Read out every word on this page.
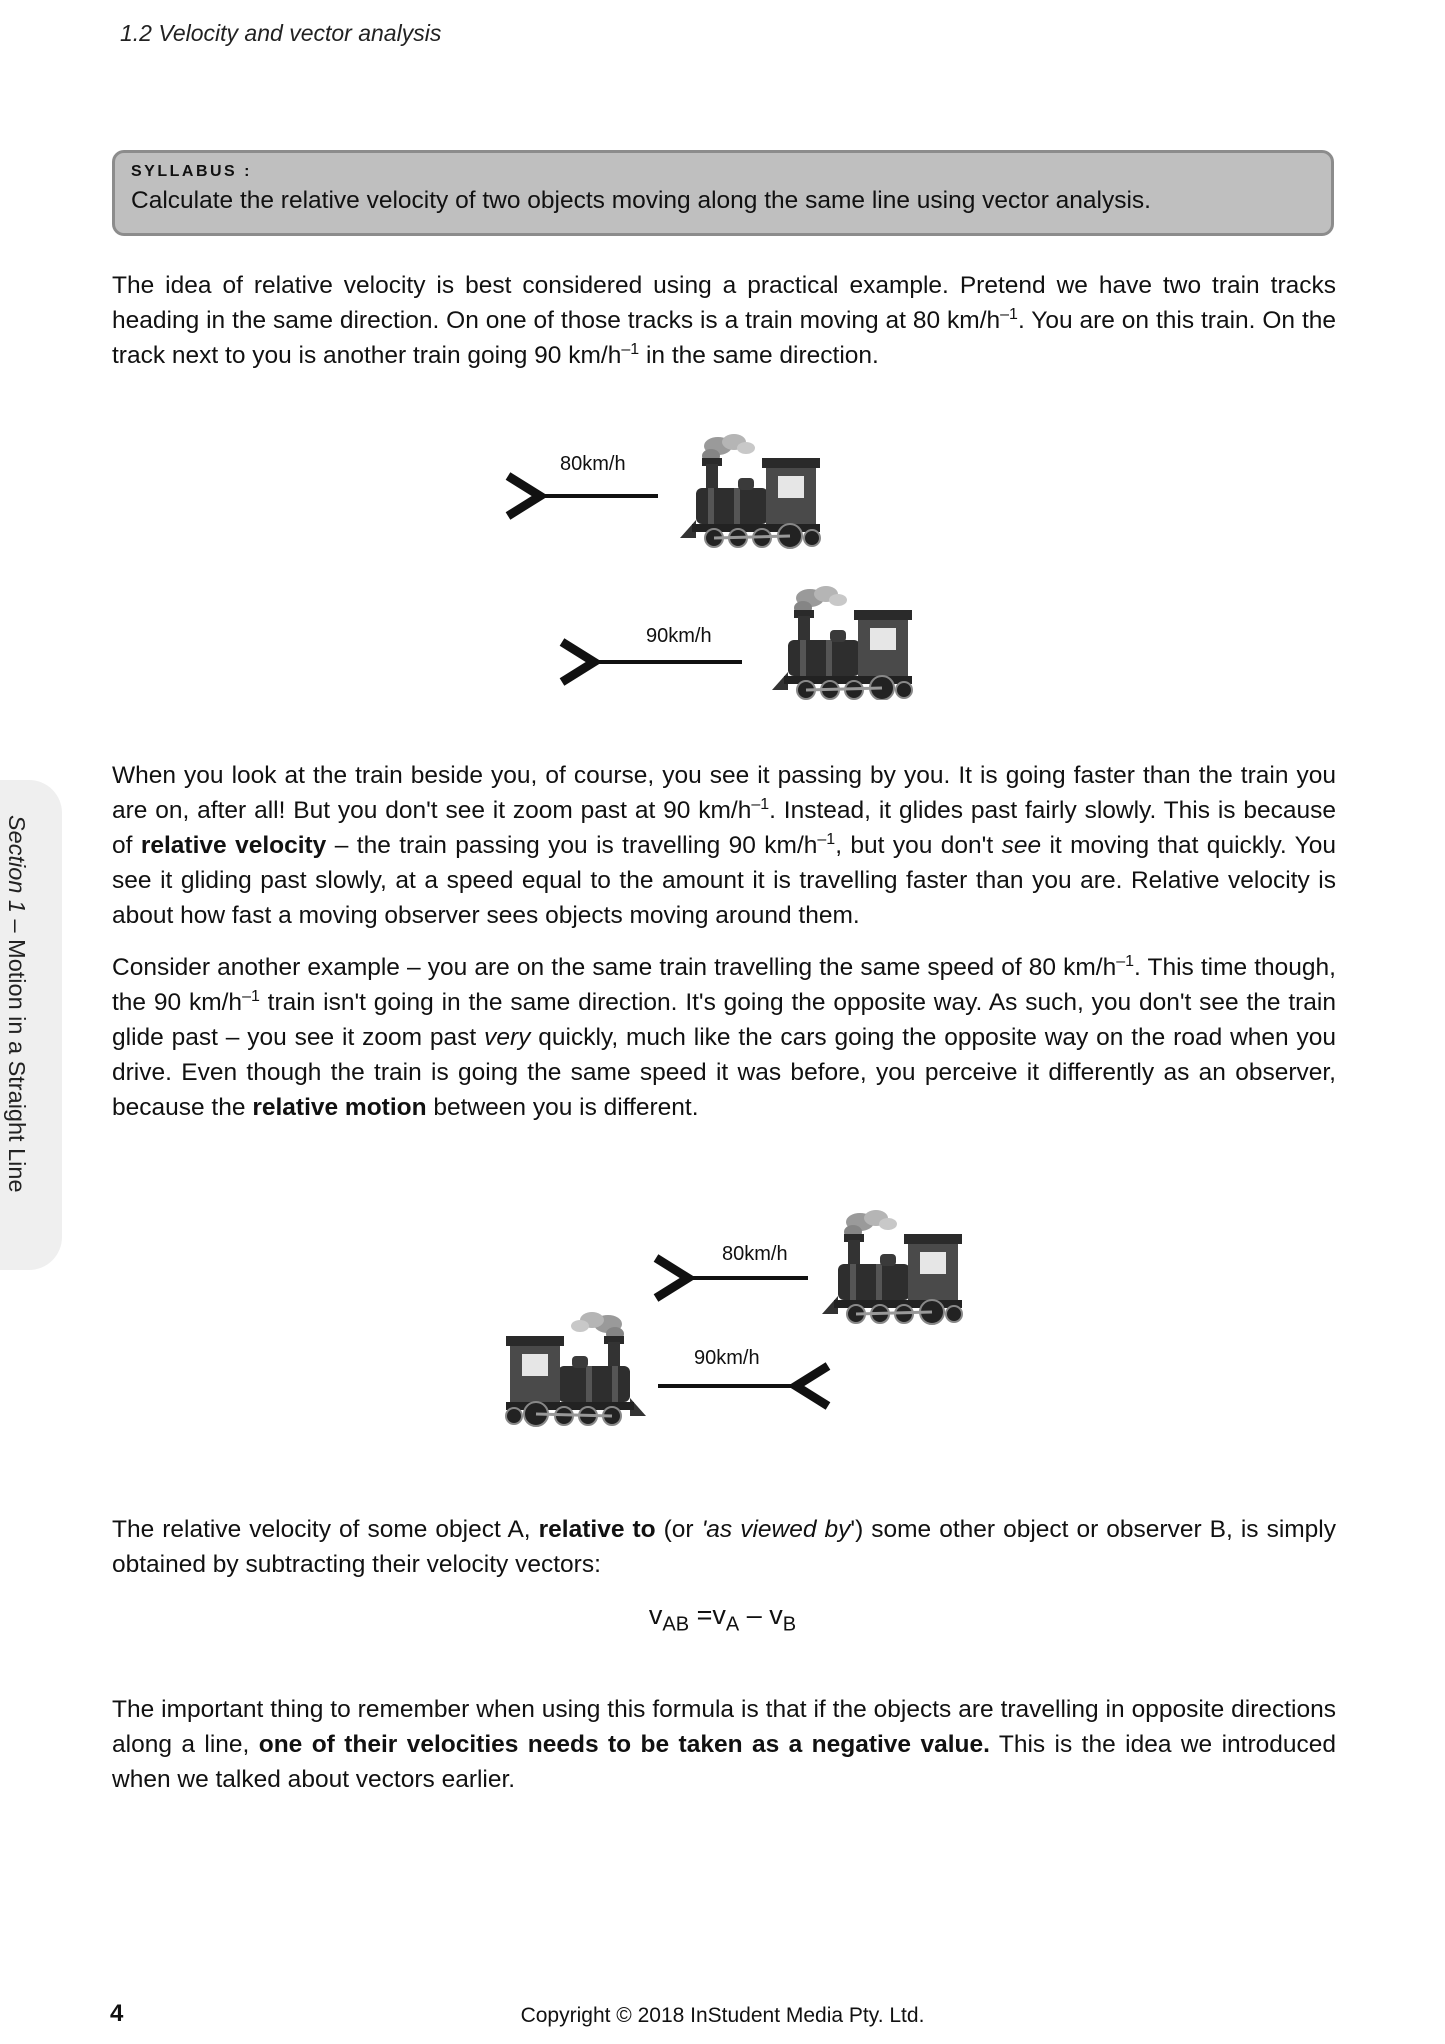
1.2 Velocity and vector analysis
SYLLABUS :
Calculate the relative velocity of two objects moving along the same line using vector analysis.

The idea of relative velocity is best considered using a practical example. Pretend we have two train tracks heading in the same direction. On one of those tracks is a train moving at 80 $km/h^{-1}$. You are on this train. On the track next to you is another train going 90 $km/h^{-1}$ in the same direction.

80km/h
90km/h

When you look at the train beside you, of course, you see it passing by you. It is going faster than the train you are on, after all! But you don't see it zoom past at 90 $km/h^{-1}$. Instead, it glides past fairly slowly. This is because of relative velocity – the train passing you is travelling 90 $km/h^{-1}$, but you don't see it moving that quickly. You see it gliding past slowly, at a speed equal to the amount it is travelling faster than you are. Relative velocity is about how fast a moving observer sees objects moving around them.

Consider another example – you are on the same train travelling the same speed of 80 $km/h^{-1}$. This time though, the 90 $km/h^{-1}$ train isn't going in the same direction. It's going the opposite way. As such, you don't see the train glide past – you see it zoom past very quickly, much like the cars going the opposite way on the road when you drive. Even though the train is going the same speed it was before, you perceive it differently as an observer, because the relative motion between you is different.

80km/h
90km/h

The relative velocity of some object A, relative to (or 'as viewed by') some other object or observer B, is simply obtained by subtracting their velocity vectors:

$v_{AB} =v_A - v_B$

The important thing to remember when using this formula is that if the objects are travelling in opposite directions along a line, one of their velocities needs to be taken as a negative value. This is the idea we introduced when we talked about vectors earlier.

Section 1 – Motion in a Straight Line
4	Copyright © 2018 InStudent Media Pty. Ltd.
